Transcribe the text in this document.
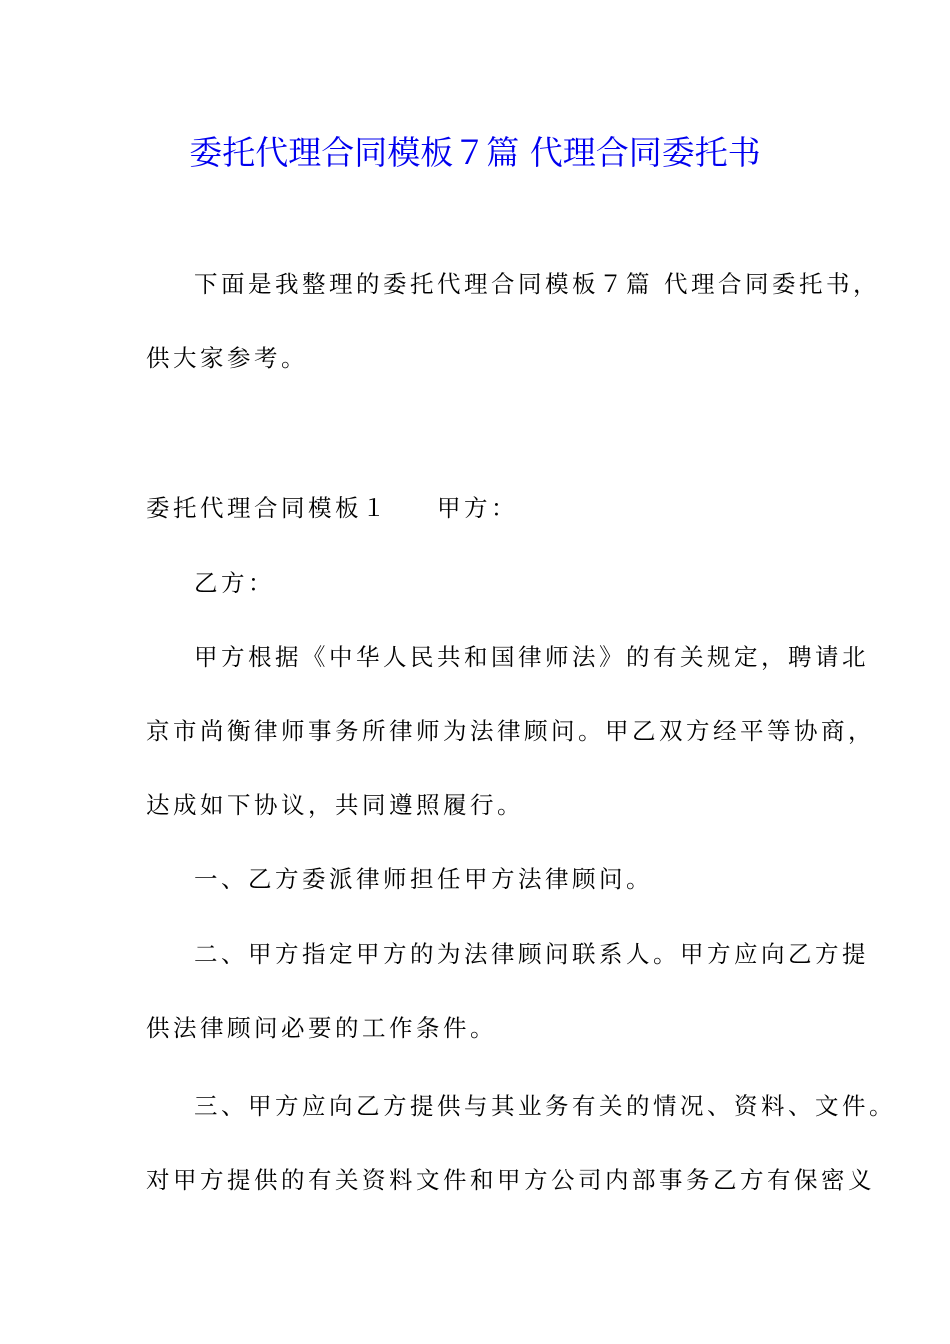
委托代理合同模板７篇 代理合同委托书
下面是我整理的委托代理合同模板７篇 代理合同委托书，
供大家参考。
委托代理合同模板１ 甲方：
乙方：
甲方根据《中华人民共和国律师法》的有关规定，聘请北
京市尚衡律师事务所律师为法律顾问。甲乙双方经平等协商，
达成如下协议，共同遵照履行。
一、乙方委派律师担任甲方法律顾问。
二、甲方指定甲方的为法律顾问联系人。甲方应向乙方提
供法律顾问必要的工作条件。
三、甲方应向乙方提供与其业务有关的情况、资料、文件。
对甲方提供的有关资料文件和甲方公司内部事务乙方有保密义
